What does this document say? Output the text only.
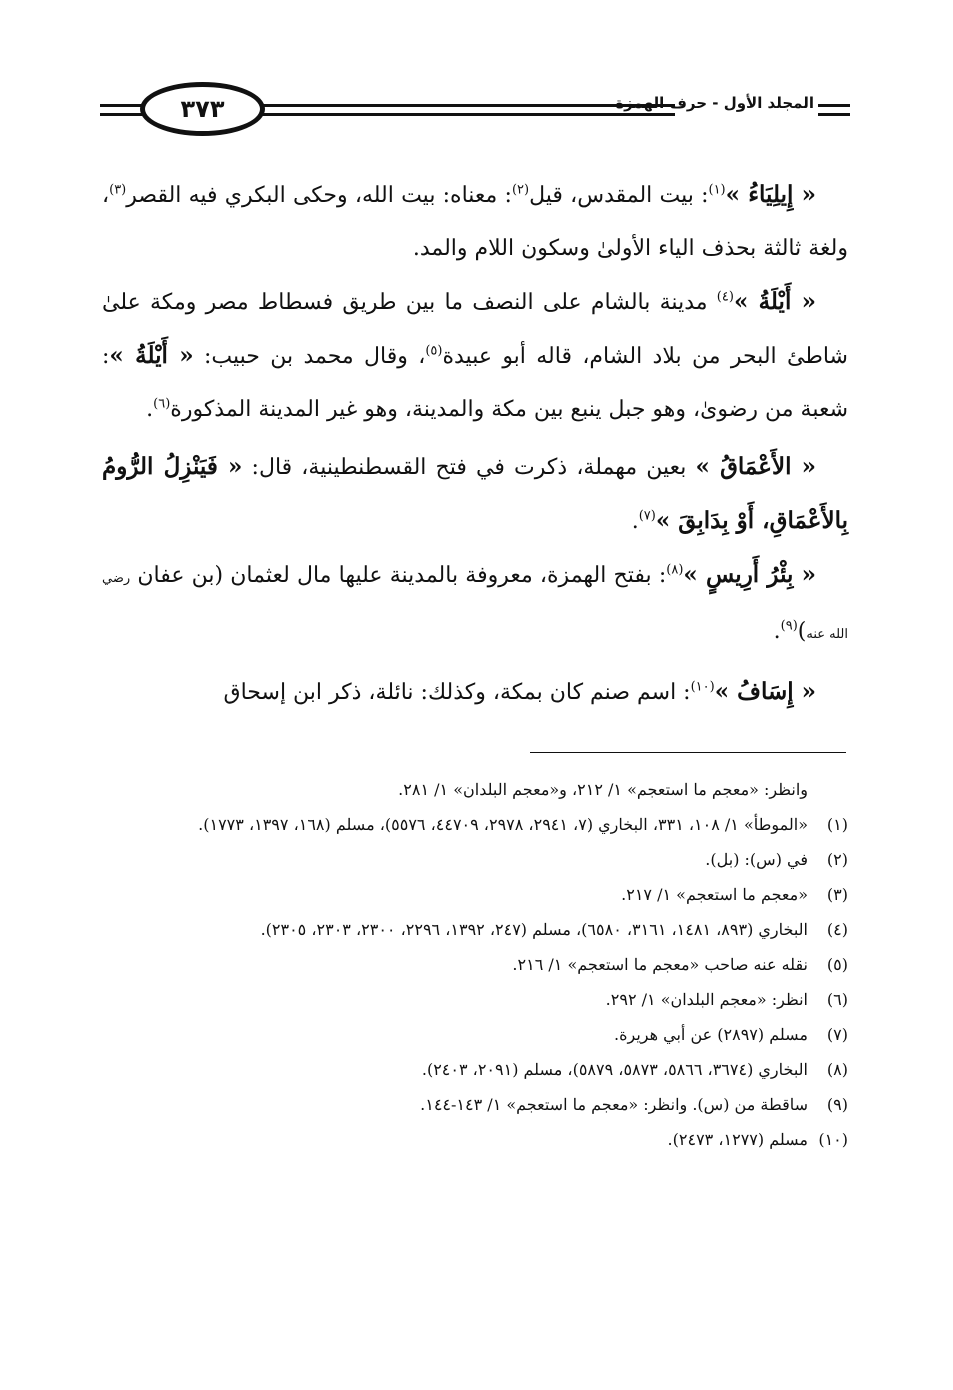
٣٧٣	المجلد الأول - حرف الهمزة

« إِيلِيَاءُ »$^{(١)}$: بيت المقدس، قيل$^{(٢)}$: معناه: بيت الله، وحكى البكري فيه القصر$^{(٣)}$، ولغة ثالثة بحذف الياء الأولىٰ وسكون اللام والمد.

« أَيْلَةُ »$^{(٤)}$ مدينة بالشام على النصف ما بين طريق فسطاط مصر ومكة علىٰ شاطئ البحر من بلاد الشام، قاله أبو عبيدة$^{(٥)}$، وقال محمد بن حبيب: « أَيْلَةُ »: شعبة من رضوىٰ، وهو جبل ينبع بين مكة والمدينة، وهو غير المدينة المذكورة$^{(٦)}$.

« الأَعْمَاقُ » بعين مهملة، ذكرت في فتح القسطنطينية، قال: « فَيَنْزِلُ الرُّومُ بِالأَعْمَاقِ، أَوْ بِدَابِقَ »$^{(٧)}$.

« بِئْرُ أَرِيسٍ »$^{(٨)}$: بفتح الهمزة، معروفة بالمدينة عليها مال لعثمان (بن عفان رضي الله عنه)$^{(٩)}$.

« إِسَافُ »$^{(١٠)}$: اسم صنم كان بمكة، وكذلك: نائلة، ذكر ابن إسحاق

وانظر: «معجم ما استعجم» ١/ ٢١٢، و«معجم البلدان» ١/ ٢٨١.
(١)
«الموطأ» ١/ ١٠٨، ٣٣١، البخاري (٧، ٢٩٤١، ٢٩٧٨، ٤٤٧٠٩، ٥٥٧٦)، مسلم (١٦٨، ١٣٩٧، ١٧٧٣).
(٢)
في (س): (بل).
(٣)
«معجم ما استعجم» ١/ ٢١٧.
(٤)
البخاري (٨٩٣، ١٤٨١، ٣١٦١، ٦٥٨٠)، مسلم (٢٤٧، ١٣٩٢، ٢٢٩٦، ٢٣٠٠، ٢٣٠٣، ٢٣٠٥).
(٥)
نقله عنه صاحب «معجم ما استعجم» ١/ ٢١٦.
(٦)
انظر: «معجم البلدان» ١/ ٢٩٢.
(٧)
مسلم (٢٨٩٧) عن أبي هريرة.
(٨)
البخاري (٣٦٧٤، ٥٨٦٦، ٥٨٧٣، ٥٨٧٩)، مسلم (٢٠٩١، ٢٤٠٣).
(٩)
ساقطة من (س). وانظر: «معجم ما استعجم» ١/ ١٤٣-١٤٤.
(١٠)
مسلم (١٢٧٧، ٢٤٧٣).
